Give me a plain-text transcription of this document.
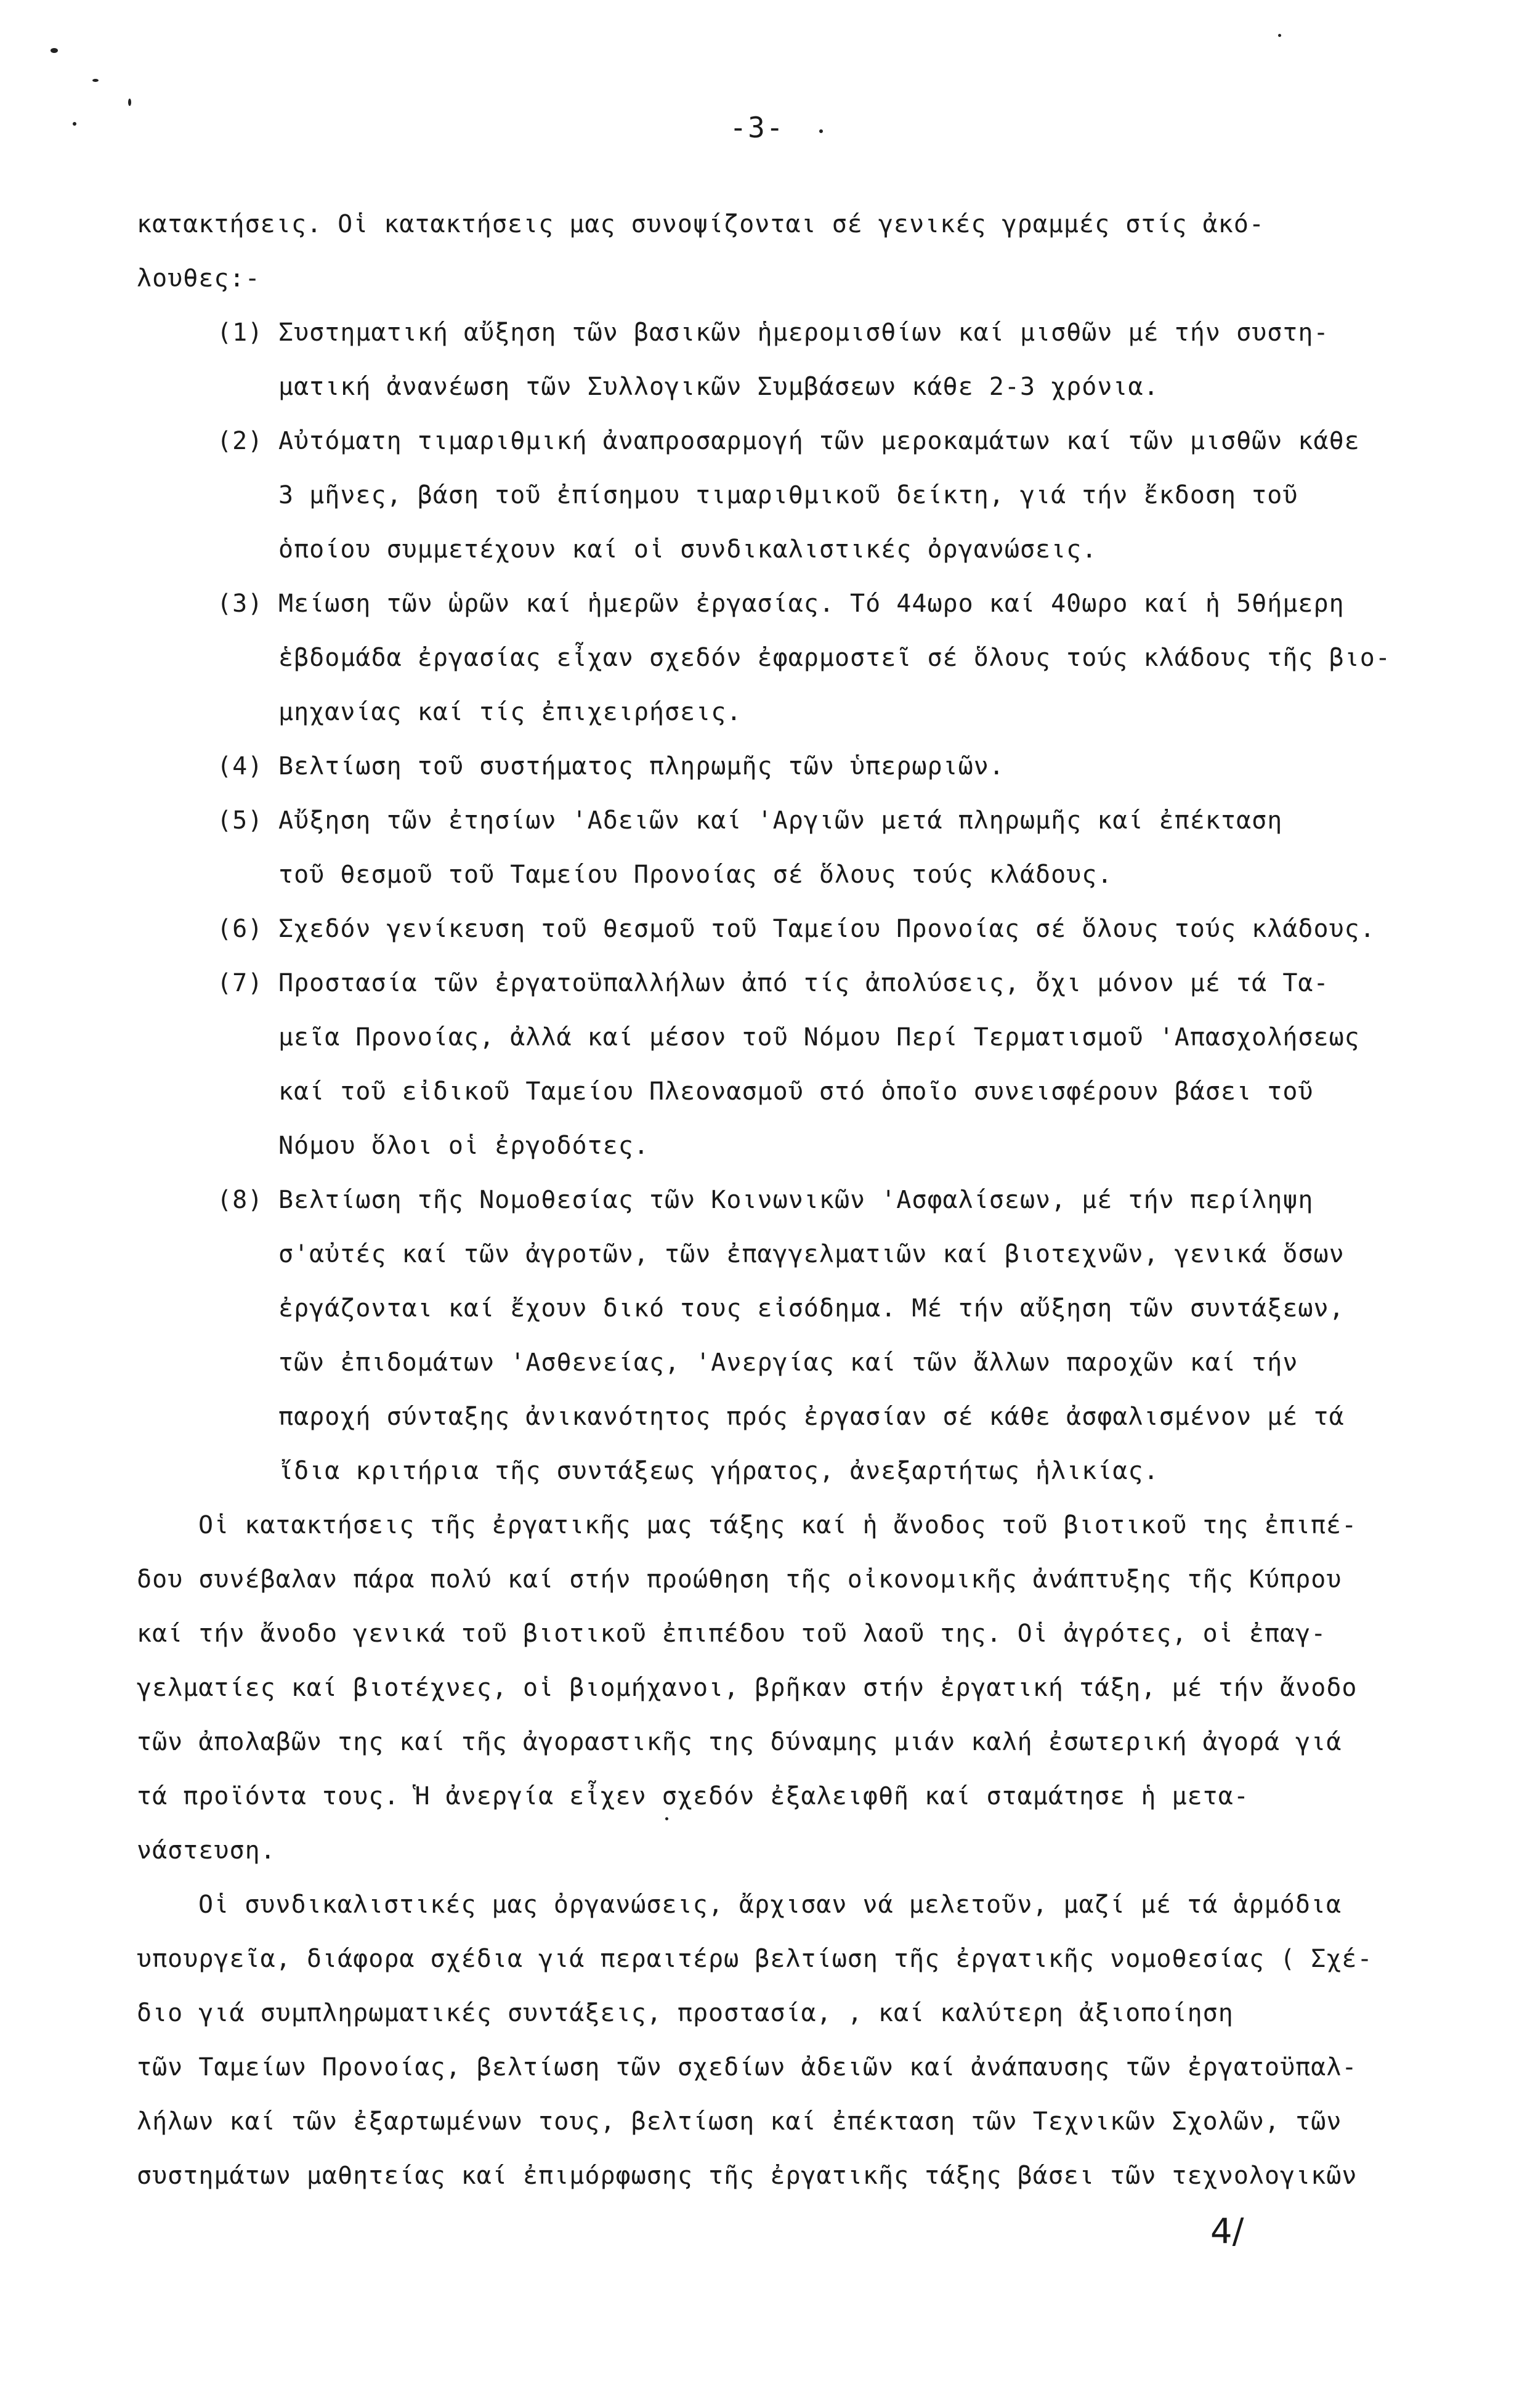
-3-
κατακτήσεις. Οἱ κατακτήσεις μας συνοψίζονται σέ γενικές γραμμές στίς ἀκό-
λουθες:-
(1) Συστηματική αὔξηση τῶν βασικῶν ἡμερομισθίων καί μισθῶν μέ τήν συστη-
ματική ἀνανέωση τῶν Συλλογικῶν Συμβάσεων κάθε 2-3 χρόνια.
(2) Αὐτόματη τιμαριθμική ἀναπροσαρμογή τῶν μεροκαμάτων καί τῶν μισθῶν κάθε
3 μῆνες, βάση τοῦ ἐπίσημου τιμαριθμικοῦ δείκτη, γιά τήν ἔκδοση τοῦ
ὁποίου συμμετέχουν καί οἱ συνδικαλιστικές ὀργανώσεις.
(3) Μείωση τῶν ὡρῶν καί ἡμερῶν ἐργασίας. Τό 44ωρο καί 40ωρο καί ἡ 5θήμερη
ἑβδομάδα ἐργασίας εἶχαν σχεδόν ἐφαρμοστεῖ σέ ὅλους τούς κλάδους τῆς βιο-
μηχανίας καί τίς ἐπιχειρήσεις.
(4) Βελτίωση τοῦ συστήματος πληρωμῆς τῶν ὑπερωριῶν.
(5) Αὔξηση τῶν ἐτησίων 'Αδειῶν καί 'Αργιῶν μετά πληρωμῆς καί ἐπέκταση
τοῦ θεσμοῦ τοῦ Ταμείου Προνοίας σέ ὅλους τούς κλάδους.
(6) Σχεδόν γενίκευση τοῦ θεσμοῦ τοῦ Ταμείου Προνοίας σέ ὅλους τούς κλάδους.
(7) Προστασία τῶν ἐργατοϋπαλλήλων ἀπό τίς ἀπολύσεις, ὄχι μόνον μέ τά Τα-
μεῖα Προνοίας, ἀλλά καί μέσον τοῦ Νόμου Περί Τερματισμοῦ 'Απασχολήσεως
καί τοῦ εἰδικοῦ Ταμείου Πλεονασμοῦ στό ὁποῖο συνεισφέρουν βάσει τοῦ
Νόμου ὅλοι οἱ ἐργοδότες.
(8) Βελτίωση τῆς Νομοθεσίας τῶν Κοινωνικῶν 'Ασφαλίσεων, μέ τήν περίληψη
σ'αὐτές καί τῶν ἀγροτῶν, τῶν ἐπαγγελματιῶν καί βιοτεχνῶν, γενικά ὅσων
ἐργάζονται καί ἔχουν δικό τους εἰσόδημα. Μέ τήν αὔξηση τῶν συντάξεων,
τῶν ἐπιδομάτων 'Ασθενείας, 'Ανεργίας καί τῶν ἄλλων παροχῶν καί τήν
παροχή σύνταξης ἀνικανότητος πρός ἐργασίαν σέ κάθε ἀσφαλισμένον μέ τά
ἴδια κριτήρια τῆς συντάξεως γήρατος, ἀνεξαρτήτως ἡλικίας.
Οἱ κατακτήσεις τῆς ἐργατικῆς μας τάξης καί ἡ ἄνοδος τοῦ βιοτικοῦ της ἐπιπέ-
δου συνέβαλαν πάρα πολύ καί στήν προώθηση τῆς οἰκονομικῆς ἀνάπτυξης τῆς Κύπρου
καί τήν ἄνοδο γενικά τοῦ βιοτικοῦ ἐπιπέδου τοῦ λαοῦ της. Οἱ ἀγρότες, οἱ ἐπαγ-
γελματίες καί βιοτέχνες, οἱ βιομήχανοι, βρῆκαν στήν ἐργατική τάξη, μέ τήν ἄνοδο
τῶν ἀπολαβῶν της καί τῆς ἀγοραστικῆς της δύναμης μιάν καλή ἐσωτερική ἀγορά γιά
τά προϊόντα τους. Ἡ ἀνεργία εἶχεν σχεδόν ἐξαλειφθῆ καί σταμάτησε ἡ μετα-
νάστευση.
Οἱ συνδικαλιστικές μας ὀργανώσεις, ἄρχισαν νά μελετοῦν, μαζί μέ τά ἁρμόδια
υπουργεῖα, διάφορα σχέδια γιά περαιτέρω βελτίωση τῆς ἐργατικῆς νομοθεσίας ( Σχέ-
διο γιά συμπληρωματικές συντάξεις, προστασία, , καί καλύτερη ἀξιοποίηση
τῶν Ταμείων Προνοίας, βελτίωση τῶν σχεδίων ἀδειῶν καί ἀνάπαυσης τῶν ἐργατοϋπαλ-
λήλων καί τῶν ἐξαρτωμένων τους, βελτίωση καί ἐπέκταση τῶν Τεχνικῶν Σχολῶν, τῶν
συστημάτων μαθητείας καί ἐπιμόρφωσης τῆς ἐργατικῆς τάξης βάσει τῶν τεχνολογικῶν
4/
